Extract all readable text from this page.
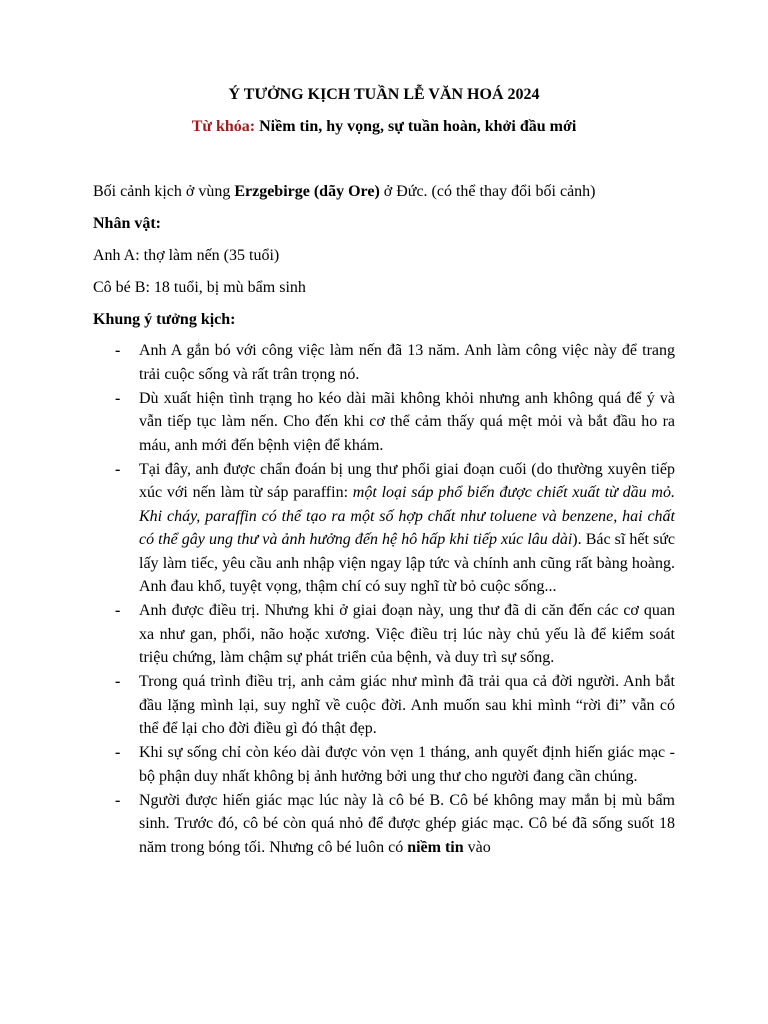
Ý TƯỞNG KỊCH TUẦN LỄ VĂN HOÁ 2024
Từ khóa: Niềm tin, hy vọng, sự tuần hoàn, khởi đầu mới

Bối cảnh kịch ở vùng Erzgebirge (dãy Ore) ở Đức. (có thể thay đổi bối cảnh)

Nhân vật:

Anh A: thợ làm nến (35 tuổi)

Cô bé B: 18 tuổi, bị mù bẩm sinh

Khung ý tưởng kịch:

- Anh A gắn bó với công việc làm nến đã 13 năm. Anh làm công việc này để trang trải cuộc sống và rất trân trọng nó.
- Dù xuất hiện tình trạng ho kéo dài mãi không khỏi nhưng anh không quá để ý và vẫn tiếp tục làm nến. Cho đến khi cơ thể cảm thấy quá mệt mỏi và bắt đầu ho ra máu, anh mới đến bệnh viện để khám.
- Tại đây, anh được chẩn đoán bị ung thư phổi giai đoạn cuối (do thường xuyên tiếp xúc với nến làm từ sáp paraffin: một loại sáp phổ biến được chiết xuất từ dầu mỏ. Khi cháy, paraffin có thể tạo ra một số hợp chất như toluene và benzene, hai chất có thể gây ung thư và ảnh hưởng đến hệ hô hấp khi tiếp xúc lâu dài). Bác sĩ hết sức lấy làm tiếc, yêu cầu anh nhập viện ngay lập tức và chính anh cũng rất bàng hoàng. Anh đau khổ, tuyệt vọng, thậm chí có suy nghĩ từ bỏ cuộc sống...
- Anh được điều trị. Nhưng khi ở giai đoạn này, ung thư đã di căn đến các cơ quan xa như gan, phổi, não hoặc xương. Việc điều trị lúc này chủ yếu là để kiểm soát triệu chứng, làm chậm sự phát triển của bệnh, và duy trì sự sống.
- Trong quá trình điều trị, anh cảm giác như mình đã trải qua cả đời người. Anh bắt đầu lặng mình lại, suy nghĩ về cuộc đời. Anh muốn sau khi mình “rời đi” vẫn có thể để lại cho đời điều gì đó thật đẹp.
- Khi sự sống chỉ còn kéo dài được vỏn vẹn 1 tháng, anh quyết định hiến giác mạc - bộ phận duy nhất không bị ảnh hưởng bởi ung thư cho người đang cần chúng.
- Người được hiến giác mạc lúc này là cô bé B. Cô bé không may mắn bị mù bẩm sinh. Trước đó, cô bé còn quá nhỏ để được ghép giác mạc. Cô bé đã sống suốt 18 năm trong bóng tối. Nhưng cô bé luôn có niềm tin vào
